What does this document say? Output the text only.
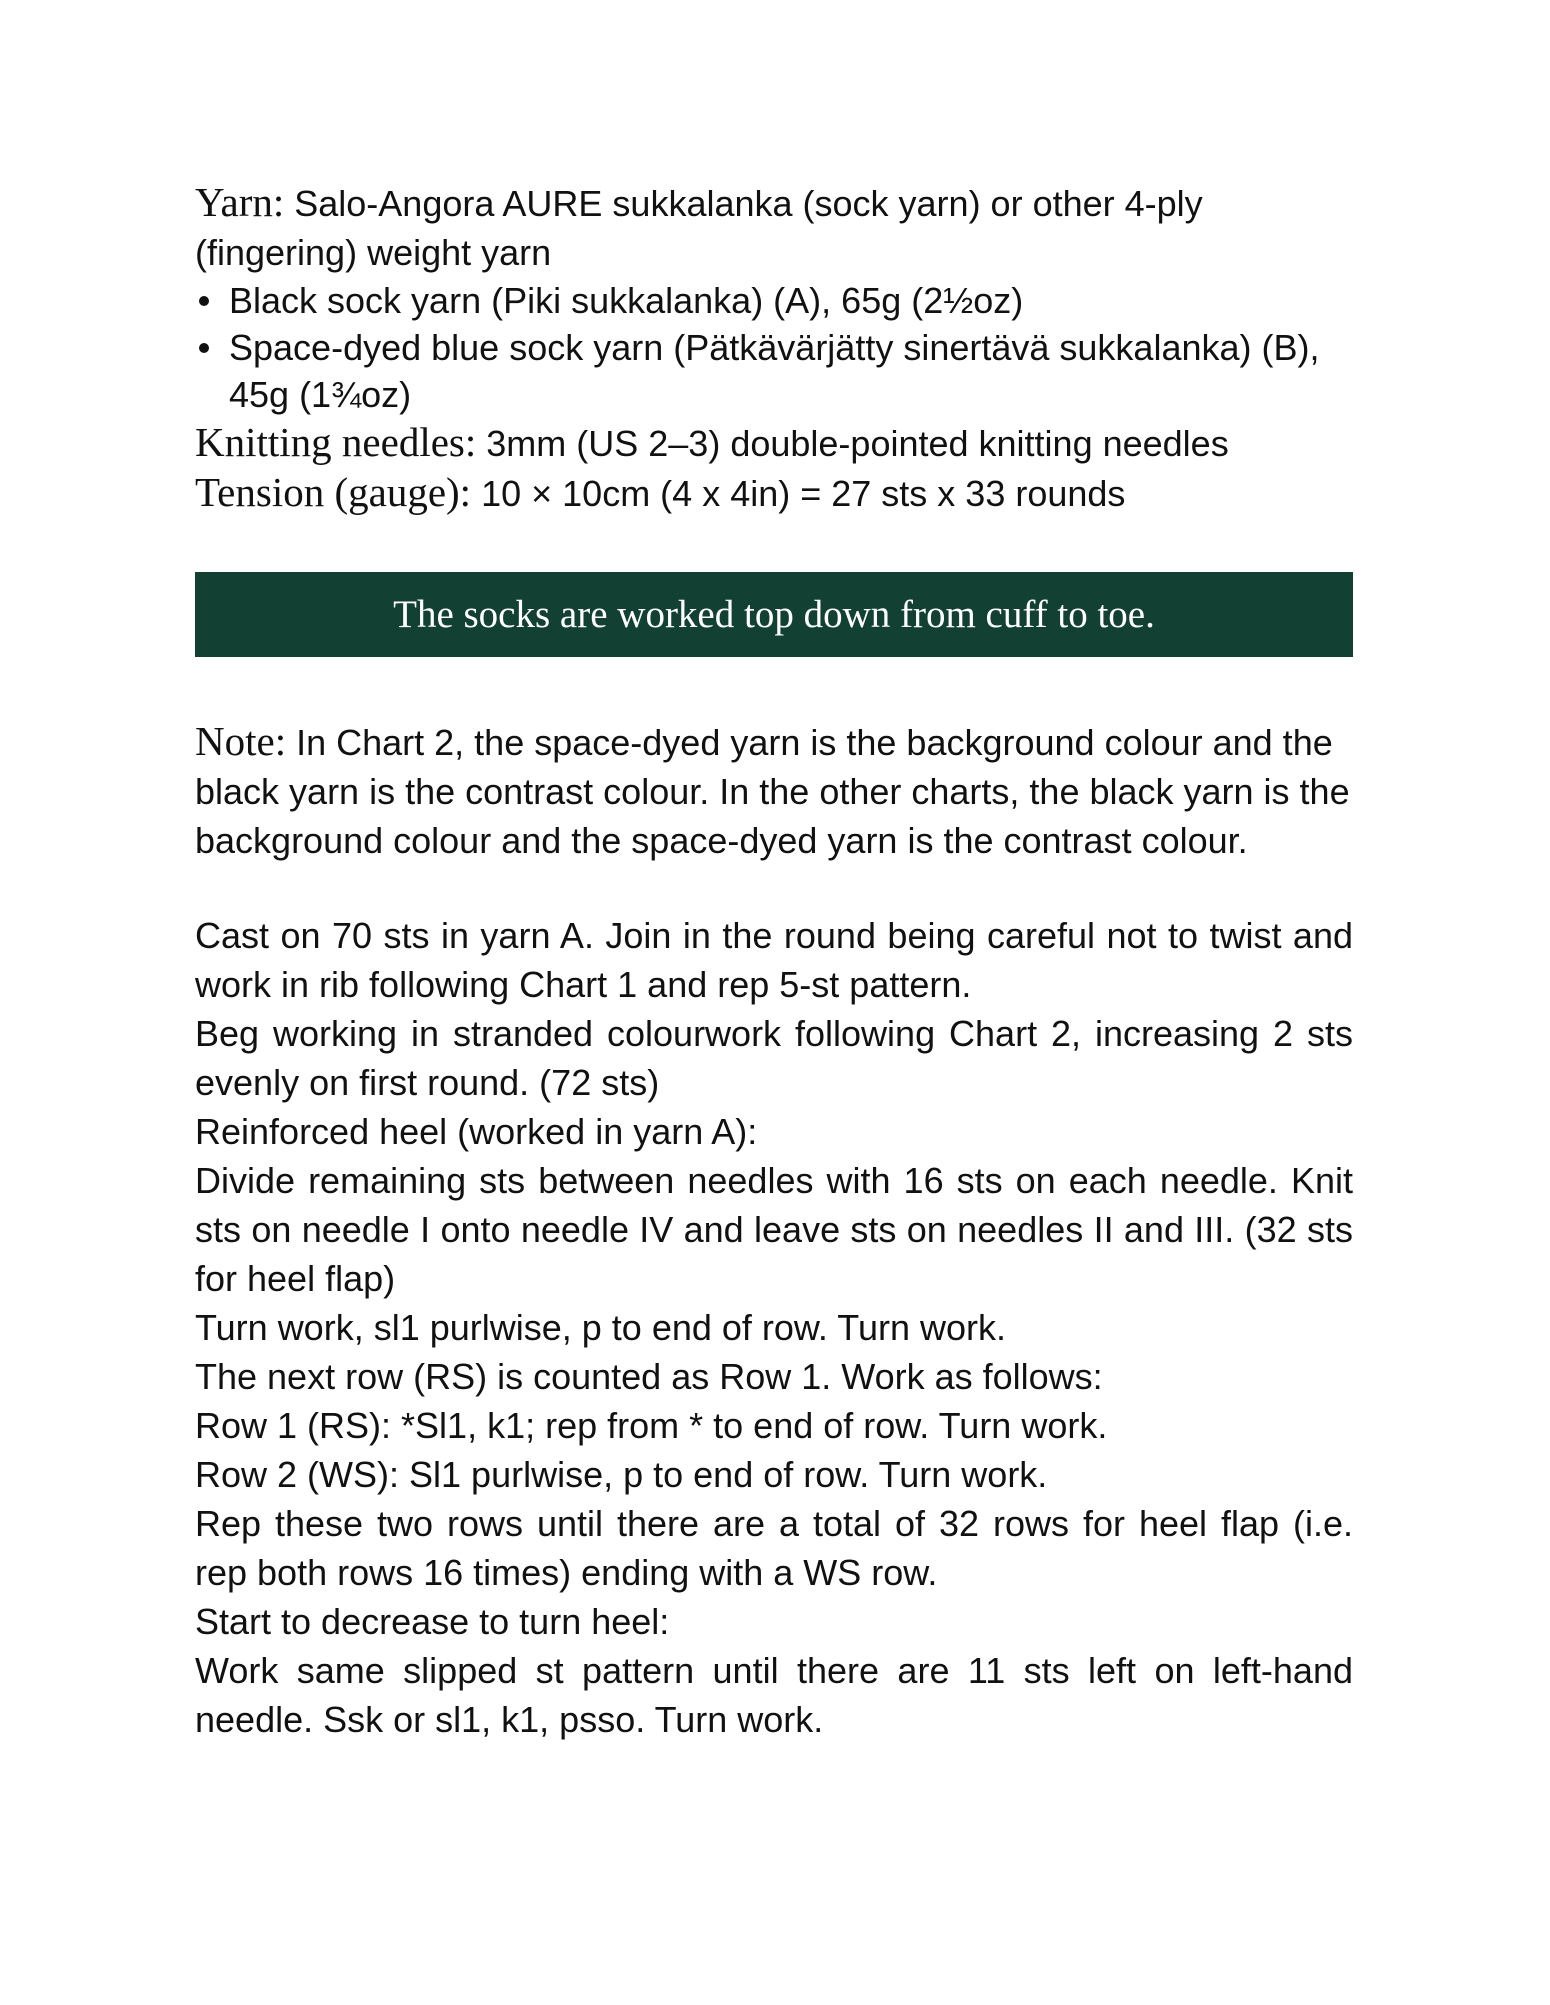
Yarn: Salo-Angora AURE sukkalanka (sock yarn) or other 4-ply (fingering) weight yarn

Black sock yarn (Piki sukkalanka) (A), 65g (2½oz)
Space-dyed blue sock yarn (Pätkävärjätty sinertävä sukkalanka) (B), 45g (1¾oz)

Knitting needles: 3mm (US 2–3) double-pointed knitting needles

Tension (gauge): 10 × 10cm (4 x 4in) = 27 sts x 33 rounds

The socks are worked top down from cuff to toe.

Note: In Chart 2, the space-dyed yarn is the background colour and the black yarn is the contrast colour. In the other charts, the black yarn is the background colour and the space-dyed yarn is the contrast colour.

Cast on 70 sts in yarn A. Join in the round being careful not to twist and work in rib following Chart 1 and rep 5-st pattern.

Beg working in stranded colourwork following Chart 2, increasing 2 sts evenly on first round. (72 sts)

Reinforced heel (worked in yarn A):

Divide remaining sts between needles with 16 sts on each needle. Knit sts on needle I onto needle IV and leave sts on needles II and III. (32 sts for heel flap)

Turn work, sl1 purlwise, p to end of row. Turn work.

The next row (RS) is counted as Row 1. Work as follows:

Row 1 (RS): *Sl1, k1; rep from * to end of row. Turn work.

Row 2 (WS): Sl1 purlwise, p to end of row. Turn work.

Rep these two rows until there are a total of 32 rows for heel flap (i.e. rep both rows 16 times) ending with a WS row.

Start to decrease to turn heel:

Work same slipped st pattern until there are 11 sts left on left-hand needle. Ssk or sl1, k1, psso. Turn work.
